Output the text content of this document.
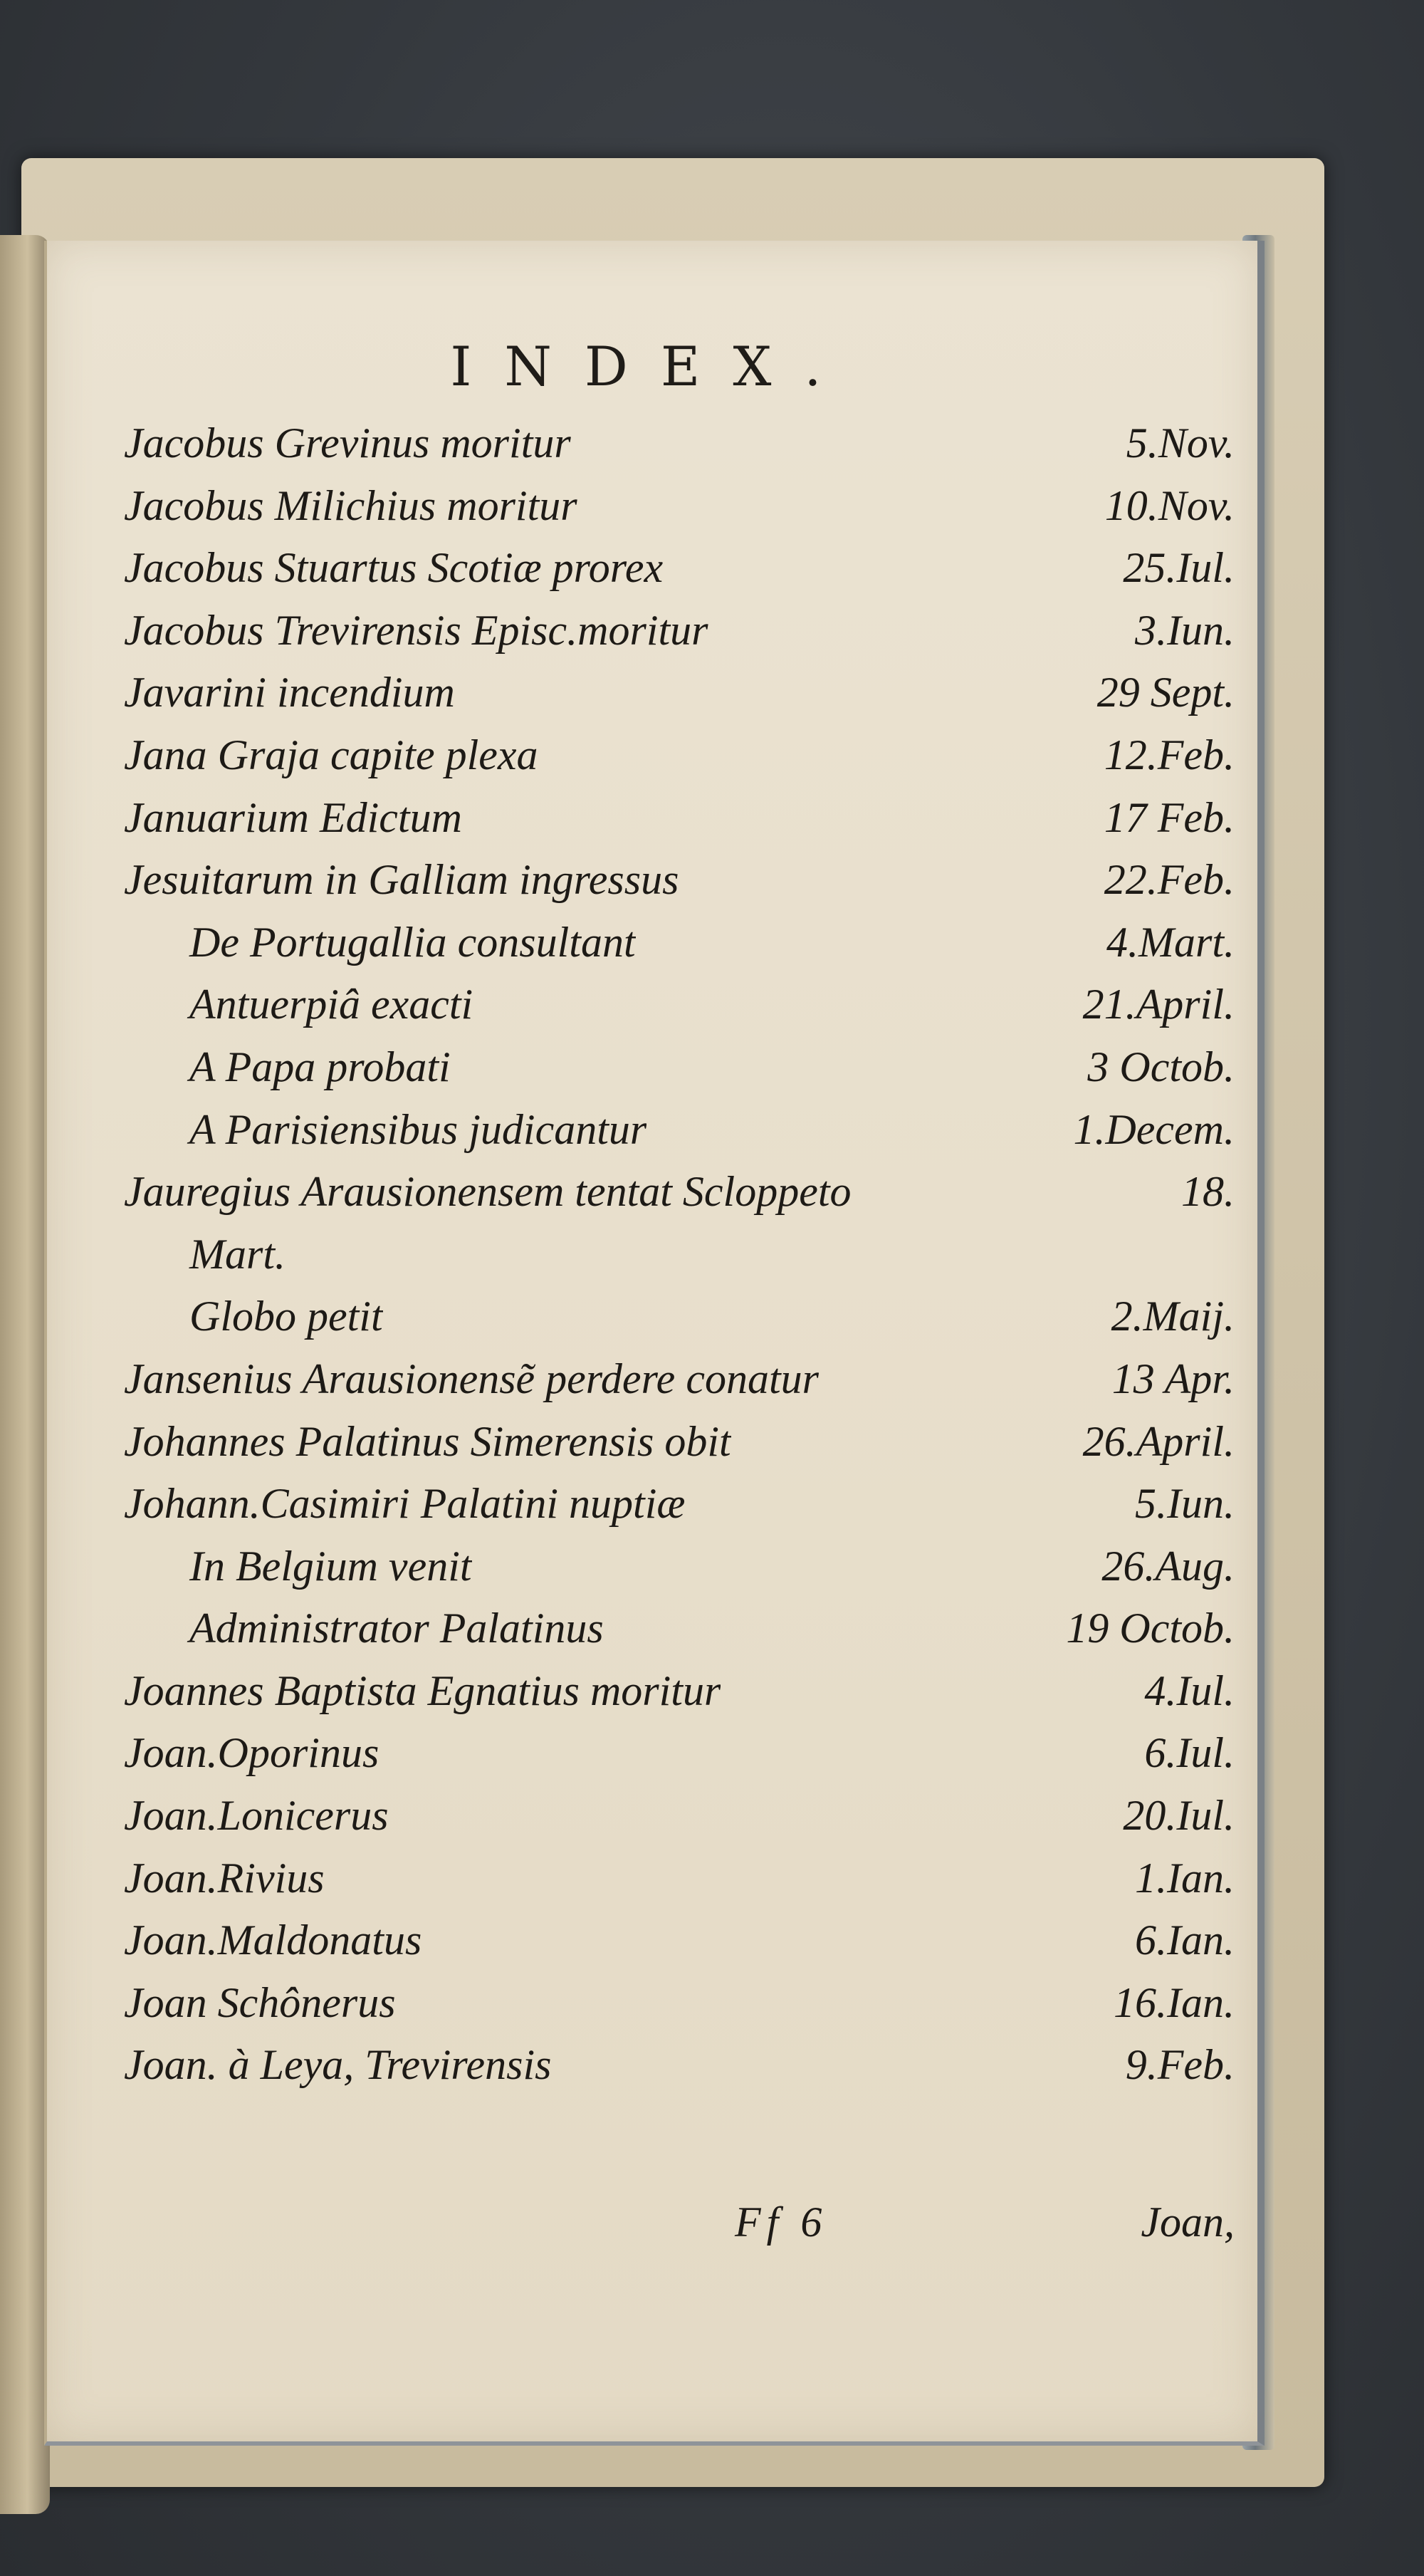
INDEX.
Jacobus Grevinus moritur	5.Nov.
Jacobus Milichius moritur	10.Nov.
Jacobus Stuartus Scotiæ prorex	25.Iul.
Jacobus Trevirensis Episc.moritur	3.Iun.
Javarini incendium	29 Sept.
Jana Graja capite plexa	12.Feb.
Januarium Edictum	17 Feb.
Jesuitarum in Galliam ingressus	22.Feb.
De Portugallia consultant	4.Mart.
Antuerpiâ exacti	21.April.
A Papa probati	3 Octob.
A Parisiensibus judicantur	1.Decem.
Jauregius Arausionensem tentat Scloppeto	18.
Mart.
Globo petit	2.Maij.
Jansenius Arausionensẽ perdere conatur	13 Apr.
Johannes Palatinus Simerensis obit	26.April.
Johann.Casimiri Palatini nuptiæ	5.Iun.
In Belgium venit	26.Aug.
Administrator Palatinus	19 Octob.
Joannes Baptista Egnatius moritur	4.Iul.
Joan.Oporinus	6.Iul.
Joan.Lonicerus	20.Iul.
Joan.Rivius	1.Ian.
Joan.Maldonatus	6.Ian.
Joan Schônerus	16.Ian.
Joan. à Leya, Trevirensis	9.Feb.
Ff 6	Joan,
